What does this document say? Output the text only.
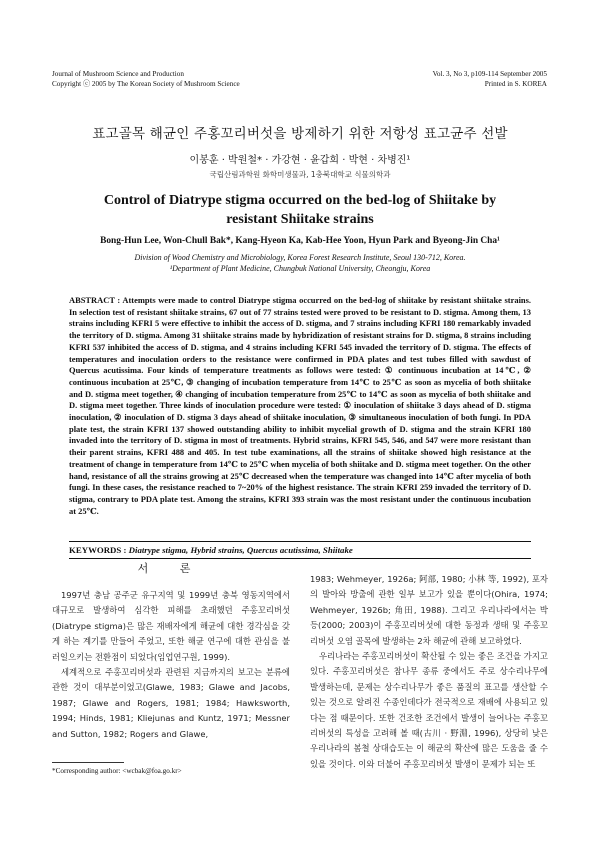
Journal of Mushroom Science and Production
Copyright ⓒ 2005 by The Korean Society of Mushroom Science
Vol. 3, No 3, p109-114 September 2005
Printed in S. KOREA
표고골목 해균인 주홍꼬리버섯을 방제하기 위한 저항성 표고균주 선발
이봉훈 · 박원철* · 가강현 · 윤갑희 · 박현 · 차병진¹
국립산림과학원 화학미생물과, 1충북대학교 식물의학과
Control of Diatrype stigma occurred on the bed-log of Shiitake by resistant Shiitake strains
Bong-Hun Lee, Won-Chull Bak*, Kang-Hyeon Ka, Kab-Hee Yoon, Hyun Park and Byeong-Jin Cha¹
Division of Wood Chemistry and Microbiology, Korea Forest Research Institute, Seoul 130-712, Korea.
¹Department of Plant Medicine, Chungbuk National University, Cheongju, Korea
ABSTRACT : Attempts were made to control Diatrype stigma occurred on the bed-log of shiitake by resistant shiitake strains. In selection test of resistant shiitake strains, 67 out of 77 strains tested were proved to be resistant to D. stigma. Among them, 13 strains including KFRI 5 were effective to inhibit the access of D. stigma, and 7 strains including KFRI 180 remarkably invaded the territory of D. stigma. Among 31 shiitake strains made by hybridization of resistant strains for D. stigma, 8 strains including KFRI 537 inhibited the access of D. stigma, and 4 strains including KFRI 545 invaded the territory of D. stigma. The effects of temperatures and inoculation orders to the resistance were confirmed in PDA plates and test tubes filled with sawdust of Quercus acutissima. Four kinds of temperature treatments as follows were tested: ① continuous incubation at 14℃, ② continuous incubation at 25℃, ③ changing of incubation temperature from 14℃ to 25℃ as soon as mycelia of both shiitake and D. stigma meet together, ④ changing of incubation temperature from 25℃ to 14℃ as soon as mycelia of both shiitake and D. stigma meet together. Three kinds of inoculation procedure were tested: ① inoculation of shiitake 3 days ahead of D. stigma inoculation, ② inoculation of D. stigma 3 days ahead of shiitake inoculation, ③ simultaneous inoculation of both fungi. In PDA plate test, the strain KFRI 137 showed outstanding ability to inhibit mycelial growth of D. stigma and the strain KFRI 180 invaded into the territory of D. stigma in most of treatments. Hybrid strains, KFRI 545, 546, and 547 were more resistant than their parent strains, KFRI 488 and 405. In test tube examinations, all the strains of shiitake showed high resistance at the treatment of change in temperature from 14℃ to 25℃ when mycelia of both shiitake and D. stigma meet together. On the other hand, resistance of all the strains growing at 25℃ decreased when the temperature was changed into 14℃ after mycelia of both fungi. In these cases, the resistance reached to 7~20% of the highest resistance. The strain KFRI 259 invaded the territory of D. stigma, contrary to PDA plate test. Among the strains, KFRI 393 strain was the most resistant under the continuous incubation at 25℃.
KEYWORDS : Diatrype stigma, Hybrid strains, Quercus acutissima, Shiitake
서 론
1997년 충남 공주군 유구지역 및 1999년 충북 영동지역에서 대규모로 발생하여 심각한 피해를 초래했던 주홍꼬리버섯(Diatrype stigma)은 많은 재배자에게 해균에 대한 경각심을 갖게 하는 계기를 만들어 주었고, 또한 해균 연구에 대한 관심을 불러일으키는 전환점이 되었다(임업연구원, 1999).
세계적으로 주홍꼬리버섯과 관련된 지금까지의 보고는 분류에 관한 것이 대부분이었고(Glawe, 1983; Glawe and Jacobs, 1987; Glawe and Rogers, 1981; 1984; Hawksworth, 1994; Hinds, 1981; Kliejunas and Kuntz, 1971; Messner and Sutton, 1982; Rogers and Glawe,
1983; Wehmeyer, 1926a; 阿部, 1980; 小林 等, 1992), 포자의 발아와 방출에 관한 일부 보고가 있을 뿐이다(Ohira, 1974; Wehmeyer, 1926b; 角田, 1988). 그리고 우리나라에서는 박 등(2000; 2003)이 주홍꼬리버섯에 대한 동정과 생태 및 주홍꼬리버섯 오염 골목에 발생하는 2차 해균에 관해 보고하였다.
우리나라는 주홍꼬리버섯이 확산될 수 있는 좋은 조건을 가지고 있다. 주홍꼬리버섯은 참나무 종류 중에서도 주로 상수리나무에 발생하는데, 문제는 상수리나무가 좋은 품질의 표고를 생산할 수 있는 것으로 알려진 수종인데다가 전국적으로 재배에 사용되고 있다는 점 때문이다. 또한 건조한 조건에서 발생이 늘어나는 주홍꼬리버섯의 특성을 고려해 볼 때(古川 · 野淵, 1996), 상당히 낮은 우리나라의 봄철 상대습도는 이 해균의 확산에 많은 도움을 줄 수 있을 것이다. 이와 더불어 주홍꼬리버섯 발생이 문제가 되는 또
*Corresponding author: <wcbak@foa.go.kr>
